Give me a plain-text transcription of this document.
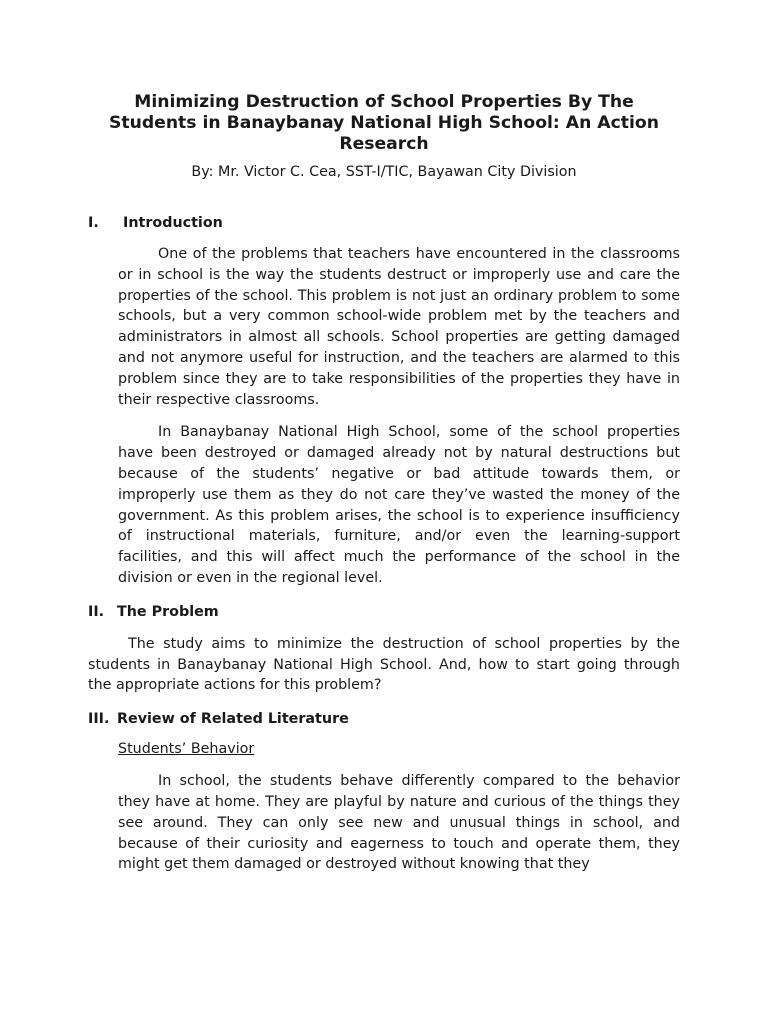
Minimizing Destruction of School Properties By The Students in Banaybanay National High School: An Action Research
By: Mr. Victor C. Cea, SST-I/TIC, Bayawan City Division
I.	Introduction

One of the problems that teachers have encountered in the classrooms or in school is the way the students destruct or improperly use and care the properties of the school. This problem is not just an ordinary problem to some schools, but a very common school-wide problem met by the teachers and administrators in almost all schools. School properties are getting damaged and not anymore useful for instruction, and the teachers are alarmed to this problem since they are to take responsibilities of the properties they have in their respective classrooms.

In Banaybanay National High School, some of the school properties have been destroyed or damaged already not by natural destructions but because of the students’ negative or bad attitude towards them, or improperly use them as they do not care they’ve wasted the money of the government. As this problem arises, the school is to experience insufficiency of instructional materials, furniture, and/or even the learning-support facilities, and this will affect much the performance of the school in the division or even in the regional level.

II. The Problem

The study aims to minimize the destruction of school properties by the students in Banaybanay National High School. And, how to start going through the appropriate actions for this problem?

III. Review of Related Literature
Students’ Behavior

In school, the students behave differently compared to the behavior they have at home. They are playful by nature and curious of the things they see around. They can only see new and unusual things in school, and because of their curiosity and eagerness to touch and operate them, they might get them damaged or destroyed without knowing that they
